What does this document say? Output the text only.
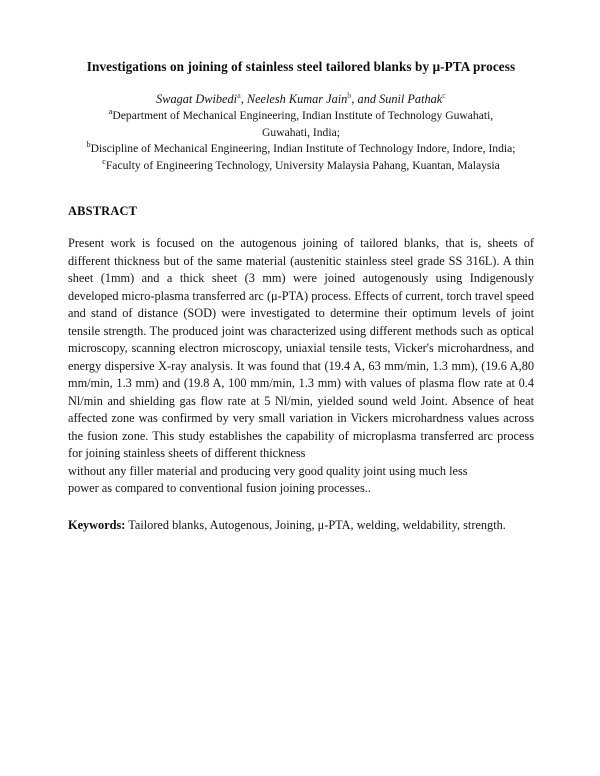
Investigations on joining of stainless steel tailored blanks by μ-PTA process

Swagat Dwibedi$^a$, Neelesh Kumar Jain$^b$, and Sunil Pathak$^c$

$^a$Department of Mechanical Engineering, Indian Institute of Technology Guwahati,

Guwahati, India;

$^b$Discipline of Mechanical Engineering, Indian Institute of Technology Indore, Indore, India;

$^c$Faculty of Engineering Technology, University Malaysia Pahang, Kuantan, Malaysia

ABSTRACT

Present work is focused on the autogenous joining of tailored blanks, that is, sheets of different thickness but of the same material (austenitic stainless steel grade SS 316L). A thin sheet (1mm) and a thick sheet (3 mm) were joined autogenously using Indigenously developed micro-plasma transferred arc (μ-PTA) process. Effects of current, torch travel speed and stand of distance (SOD) were investigated to determine their optimum levels of joint tensile strength. The produced joint was characterized using different methods such as optical microscopy, scanning electron microscopy, uniaxial tensile tests, Vicker's microhardness, and energy dispersive X-ray analysis. It was found that (19.4 A, 63 mm/min, 1.3 mm), (19.6 A,80 mm/min, 1.3 mm) and (19.8 A, 100 mm/min, 1.3 mm) with values of plasma flow rate at 0.4 Nl/min and shielding gas flow rate at 5 Nl/min, yielded sound weld Joint. Absence of heat affected zone was confirmed by very small variation in Vickers microhardness values across the fusion zone. This study establishes the capability of microplasma transferred arc process for joining stainless sheets of different thickness

without any filler material and producing very good quality joint using much less

power as compared to conventional fusion joining processes..

Keywords: Tailored blanks, Autogenous, Joining, μ-PTA, welding, weldability, strength.
